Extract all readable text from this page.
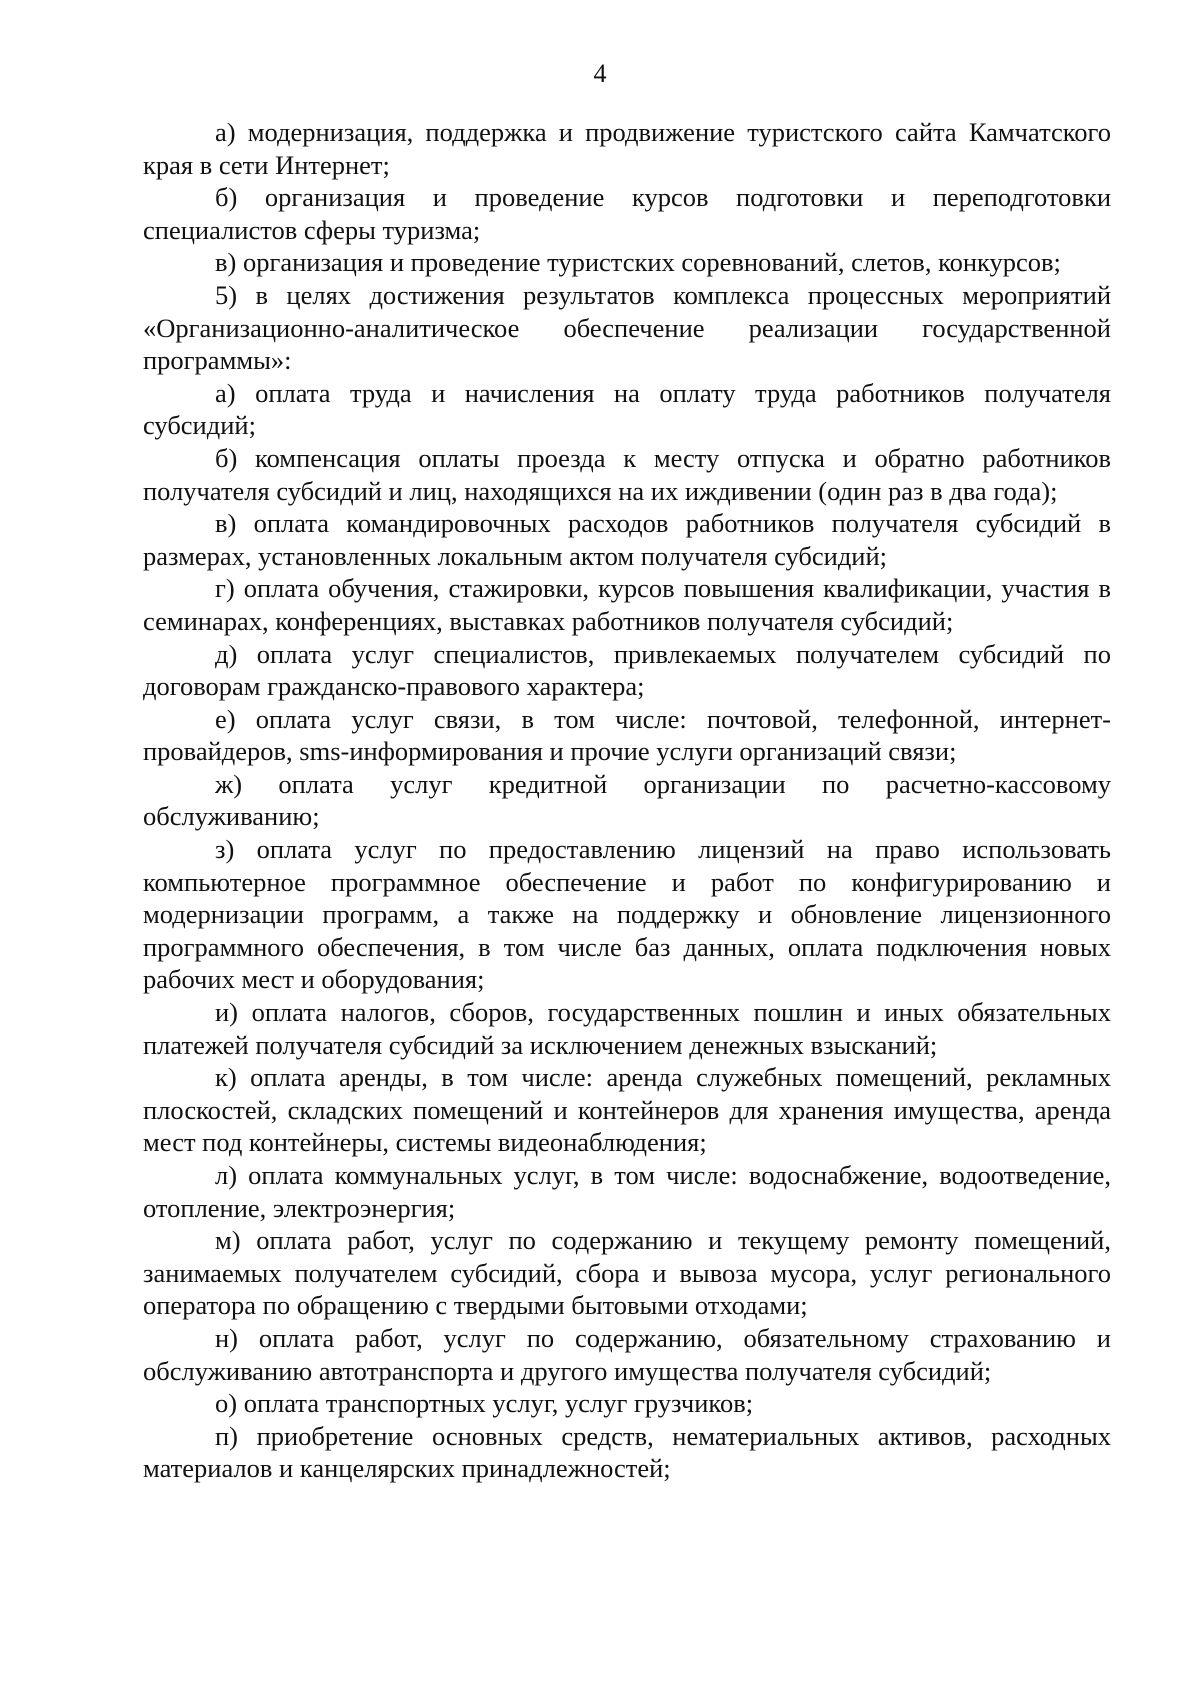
4

а) модернизация, поддержка и продвижение туристского сайта Камчатского края в сети Интернет;

б) организация и проведение курсов подготовки и переподготовки специалистов сферы туризма;

в) организация и проведение туристских соревнований, слетов, конкурсов;

5) в целях достижения результатов комплекса процессных мероприятий «Организационно-аналитическое обеспечение реализации государственной программы»:

а) оплата труда и начисления на оплату труда работников получателя субсидий;

б) компенсация оплаты проезда к месту отпуска и обратно работников получателя субсидий и лиц, находящихся на их иждивении (один раз в два года);

в) оплата командировочных расходов работников получателя субсидий в размерах, установленных локальным актом получателя субсидий;

г) оплата обучения, стажировки, курсов повышения квалификации, участия в семинарах, конференциях, выставках работников получателя субсидий;

д) оплата услуг специалистов, привлекаемых получателем субсидий по договорам гражданско-правового характера;

е) оплата услуг связи, в том числе: почтовой, телефонной, интернет-провайдеров, sms-информирования и прочие услуги организаций связи;

ж) оплата услуг кредитной организации по расчетно-кассовому обслуживанию;

з) оплата услуг по предоставлению лицензий на право использовать компьютерное программное обеспечение и работ по конфигурированию и модернизации программ, а также на поддержку и обновление лицензионного программного обеспечения, в том числе баз данных, оплата подключения новых рабочих мест и оборудования;

и) оплата налогов, сборов, государственных пошлин и иных обязательных платежей получателя субсидий за исключением денежных взысканий;

к) оплата аренды, в том числе: аренда служебных помещений, рекламных плоскостей, складских помещений и контейнеров для хранения имущества, аренда мест под контейнеры, системы видеонаблюдения;

л) оплата коммунальных услуг, в том числе: водоснабжение, водоотведение, отопление, электроэнергия;

м) оплата работ, услуг по содержанию и текущему ремонту помещений, занимаемых получателем субсидий, сбора и вывоза мусора, услуг регионального оператора по обращению с твердыми бытовыми отходами;

н) оплата работ, услуг по содержанию, обязательному страхованию и обслуживанию автотранспорта и другого имущества получателя субсидий;

о) оплата транспортных услуг, услуг грузчиков;

п) приобретение основных средств, нематериальных активов, расходных материалов и канцелярских принадлежностей;
